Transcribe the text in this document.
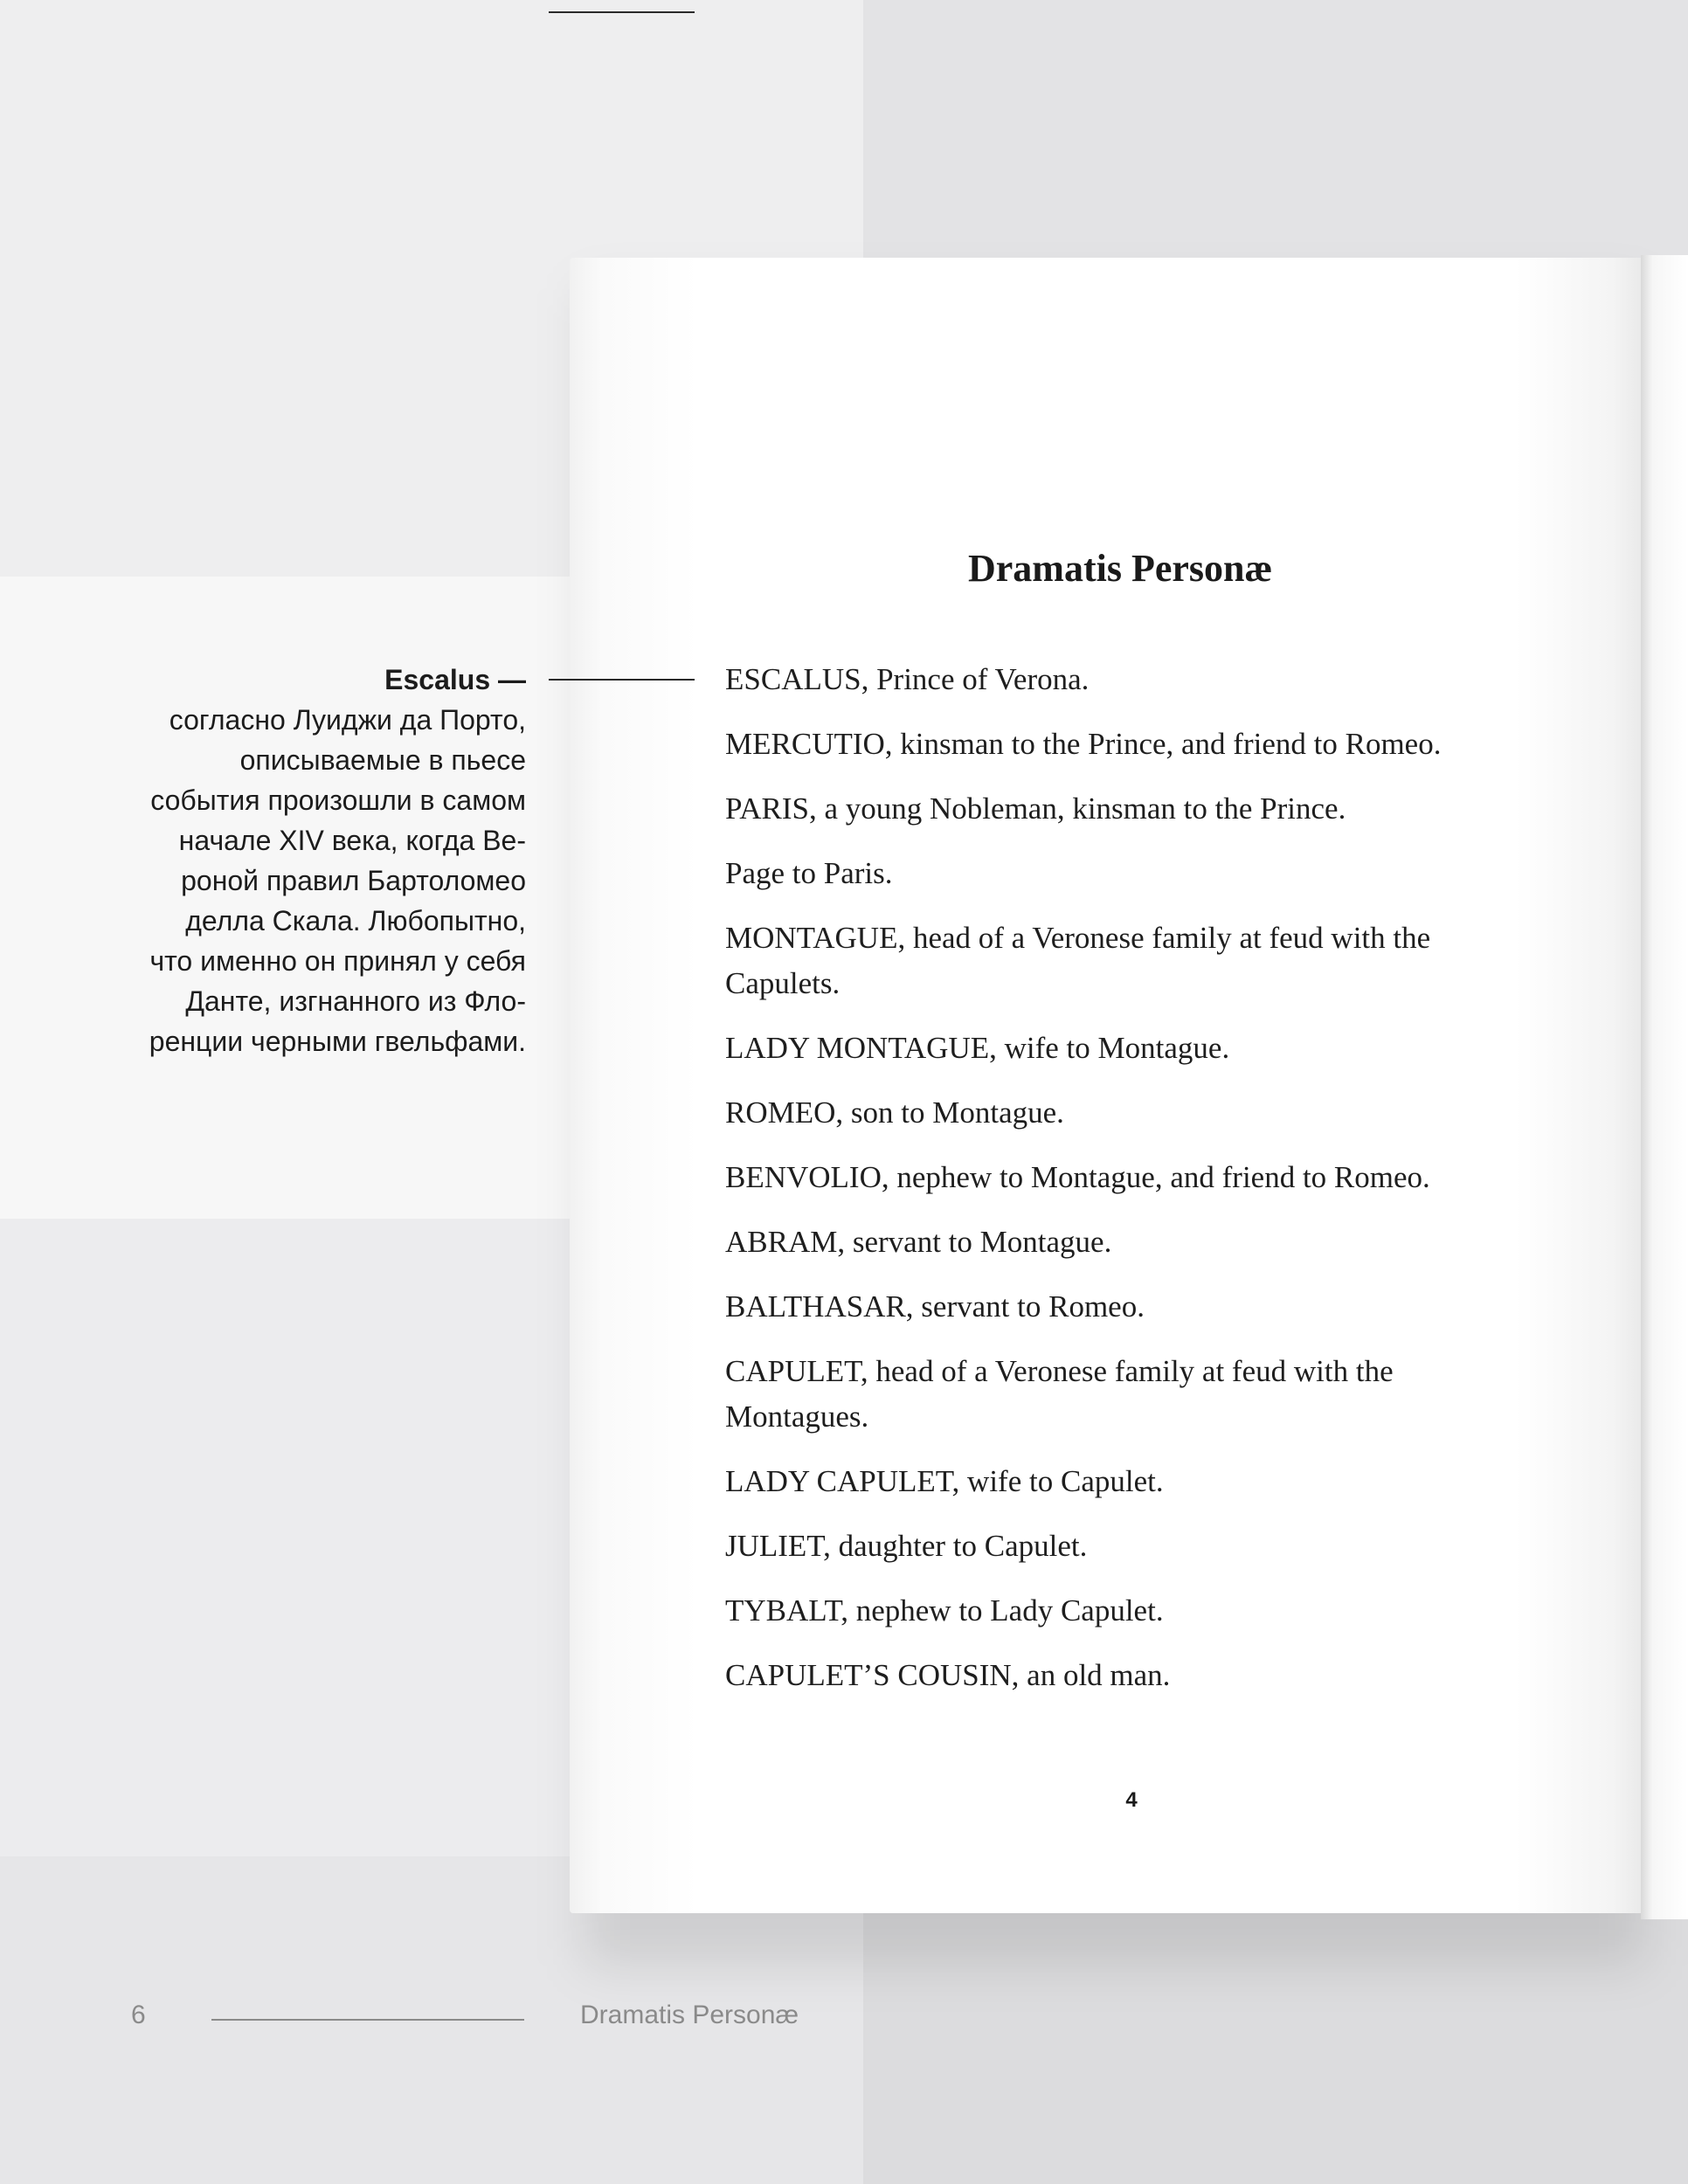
Dramatis Personæ

ESCALUS, Prince of Verona.

MERCUTIO, kinsman to the Prince, and friend to Romeo.

PARIS, a young Nobleman, kinsman to the Prince.

Page to Paris.

MONTAGUE, head of a Veronese family at feud with the Capulets.

LADY MONTAGUE, wife to Montague.

ROMEO, son to Montague.

BENVOLIO, nephew to Montague, and friend to Romeo.

ABRAM, servant to Montague.

BALTHASAR, servant to Romeo.

CAPULET, head of a Veronese family at feud with the Montagues.

LADY CAPULET, wife to Capulet.

JULIET, daughter to Capulet.

TYBALT, nephew to Lady Capulet.

CAPULET’S COUSIN, an old man.

4
Escalus —
согласно Луиджи да Порто,
описываемые в пьесе
события произошли в самом
начале XIV века, когда Ве-
роной правил Бартоломео
делла Скала. Любопытно,
что именно он принял у себя
Данте, изгнанного из Фло-
ренции черными гвельфами.
6	Dramatis Personæ
